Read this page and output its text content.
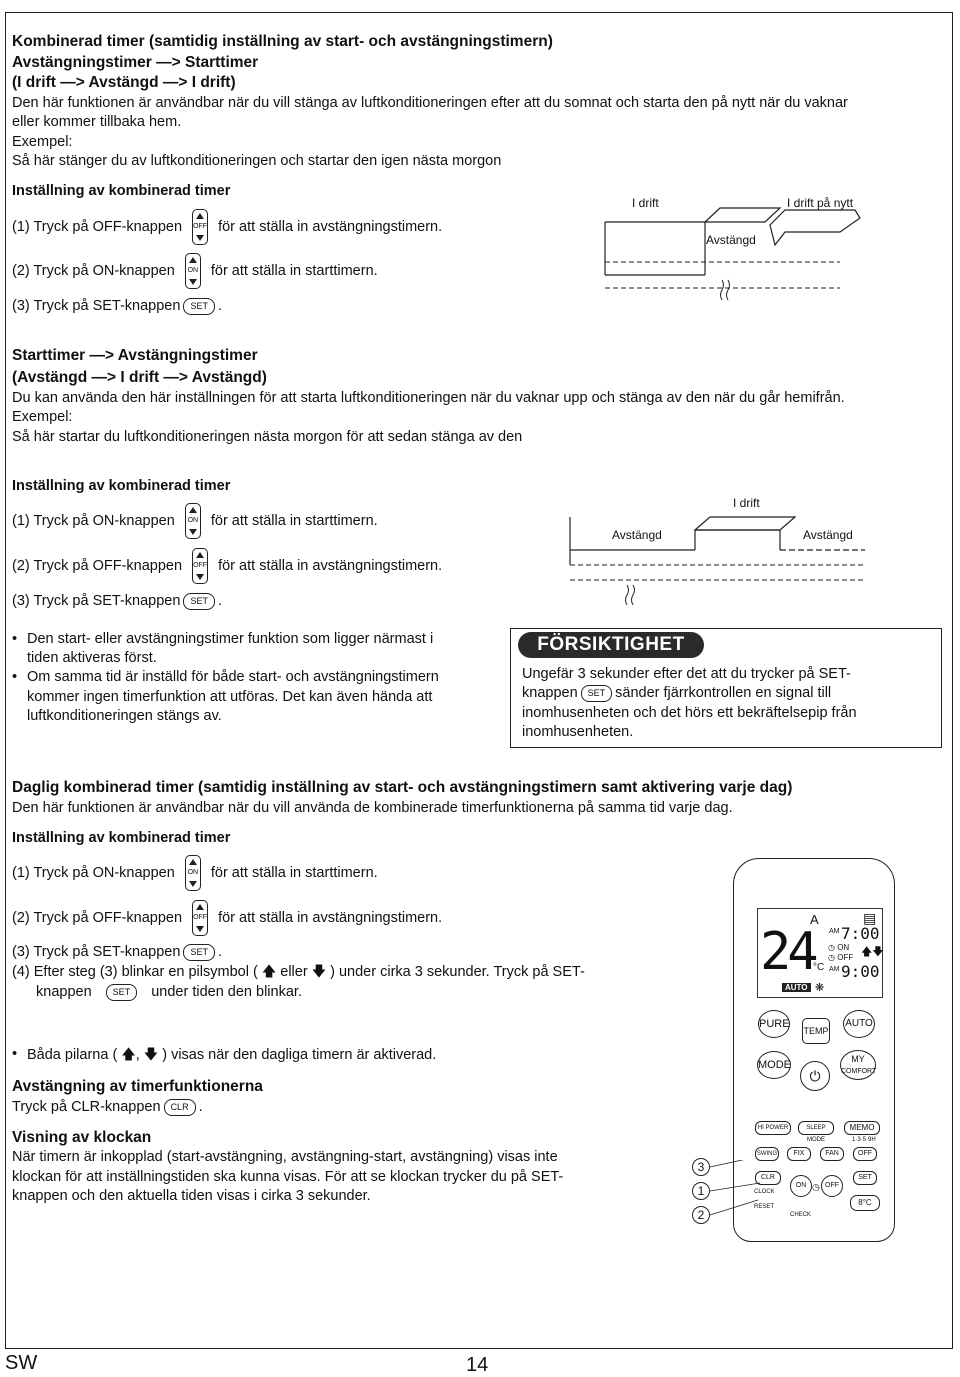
Kombinerad timer (samtidig inställning av start- och avstängningstimern)
Avstängningstimer —> Starttimer
(I drift —> Avstängd —> I drift)
Den här funktionen är användbar när du vill stänga av luftkonditioneringen efter att du somnat och starta den på nytt när du vaknar
eller kommer tillbaka hem.
Exempel:
Så här stänger du av luftkonditioneringen och startar den igen nästa morgon
Inställning av kombinerad timer
(1) Tryck på OFF-knappen OFF för att ställa in avstängningstimern.
(2) Tryck på ON-knappen	ON för att ställa in starttimern.
(3) Tryck på SET-knappen SET .
I drift	I drift på nytt
Avstängd
Starttimer —> Avstängningstimer
(Avstängd —> I drift —> Avstängd)
Du kan använda den här inställningen för att starta luftkonditioneringen när du vaknar upp och stänga av den när du går hemifrån.
Exempel:
Så här startar du luftkonditioneringen nästa morgon för att sedan stänga av den
Inställning av kombinerad timer
(1) Tryck på ON-knappen	ON för att ställa in starttimern.
(2) Tryck på OFF-knappen OFF för att ställa in avstängningstimern.
(3) Tryck på SET-knappen SET .
I drift
Avstängd	Avstängd
• Den start- eller avstängningstimer funktion som ligger närmast i
tiden aktiveras först.
• Om samma tid är inställd för både start- och avstängningstimern
kommer ingen timerfunktion att utföras. Det kan även hända att
luftkonditioneringen stängs av.
FÖRSIKTIGHET
Ungefär 3 sekunder efter det att du trycker på SET-
knappen SET sänder fjärrkontrollen en signal till
inomhusenheten och det hörs ett bekräftelsepip från
inomhusenheten.
Daglig kombinerad timer (samtidig inställning av start- och avstängningstimern samt aktivering varje dag)
Den här funktionen är användbar när du vill använda de kombinerade timerfunktionerna på samma tid varje dag.
Inställning av kombinerad timer
(1) Tryck på ON-knappen	ON för att ställa in starttimern.
(2) Tryck på OFF-knappen OFF för att ställa in avstängningstimern.
(3) Tryck på SET-knappen SET .
(4) Efter steg (3) blinkar en pilsymbol ( 🡅 eller 🡇 ) under cirka 3 sekunder. Tryck på SET-
knappen SET under tiden den blinkar.
• Båda pilarna ( 🡅, 🡇 ) visas när den dagliga timern är aktiverad.
Avstängning av timerfunktionerna
Tryck på CLR-knappen CLR .
Visning av klockan
När timern är inkopplad (start-avstängning, avstängning-start, avstängning) visas inte
klockan för att inställningstiden ska kunna visas. För att se klockan trycker du på SET-
knappen och den aktuella tiden visas i cirka 3 sekunder.
A	▤
24
°C
AM 7:00
◷ ON
◷ OFF 🡅🡇
AM 9:00
AUTO ❋
PURE
TEMP
AUTO
MODE
⏻
MY
COMFORT
HI POWER	SLEEP MODE
MEMO
1·3·5·9H
SWING	FIX	FAN	OFF
CLR
CLOCK
RESET
CHECK
ON ◷ OFF
SET
8°C
3
1
2
SW	14
